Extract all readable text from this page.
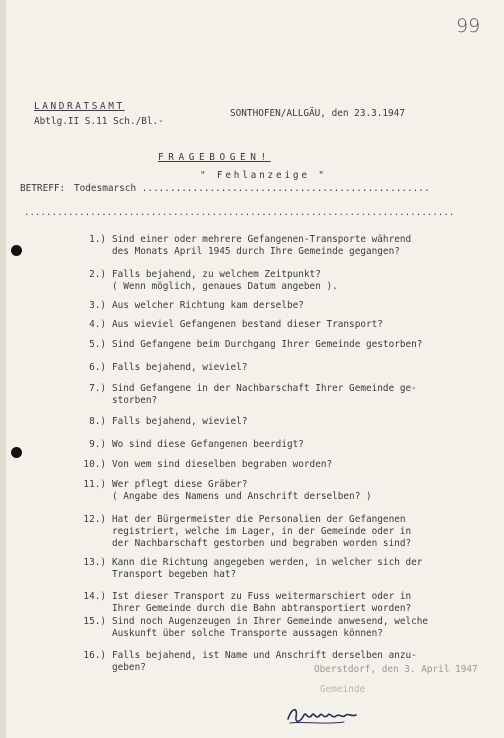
99
LANDRATSAMT
Abtlg.II S.11 Sch./Bl.-
SONTHOFEN/ALLGÄU, den 23.3.1947
FRAGEBOGEN!
" Fehlanzeige "
BETREFF: Todesmarsch ...................................................
..............................................................................
1.) Sind einer oder mehrere Gefangenen-Transporte während
des Monats April 1945 durch Ihre Gemeinde gegangen?
2.) Falls bejahend, zu welchem Zeitpunkt?
( Wenn möglich, genaues Datum angeben ).
3.) Aus welcher Richtung kam derselbe?
4.) Aus wieviel Gefangenen bestand dieser Transport?
5.) Sind Gefangene beim Durchgang Ihrer Gemeinde gestorben?
6.) Falls bejahend, wieviel?
7.) Sind Gefangene in der Nachbarschaft Ihrer Gemeinde ge-
storben?
8.) Falls bejahend, wieviel?
9.) Wo sind diese Gefangenen beerdigt?
10.) Von wem sind dieselben begraben worden?
11.) Wer pflegt diese Gräber?
( Angabe des Namens und Anschrift derselben? )
12.) Hat der Bürgermeister die Personalien der Gefangenen
registriert, welche im Lager, in der Gemeinde oder in
der Nachbarschaft gestorben und begraben worden sind?
13.) Kann die Richtung angegeben werden, in welcher sich der
Transport begeben hat?
14.) Ist dieser Transport zu Fuss weitermarschiert oder in
Ihrer Gemeinde durch die Bahn abtransportiert worden?
15.) Sind noch Augenzeugen in Ihrer Gemeinde anwesend, welche
Auskunft über solche Transporte aussagen können?
16.) Falls bejahend, ist Name und Anschrift derselben anzu-
geben?	Oberstdorf, den 3. April 1947
Gemeinde
